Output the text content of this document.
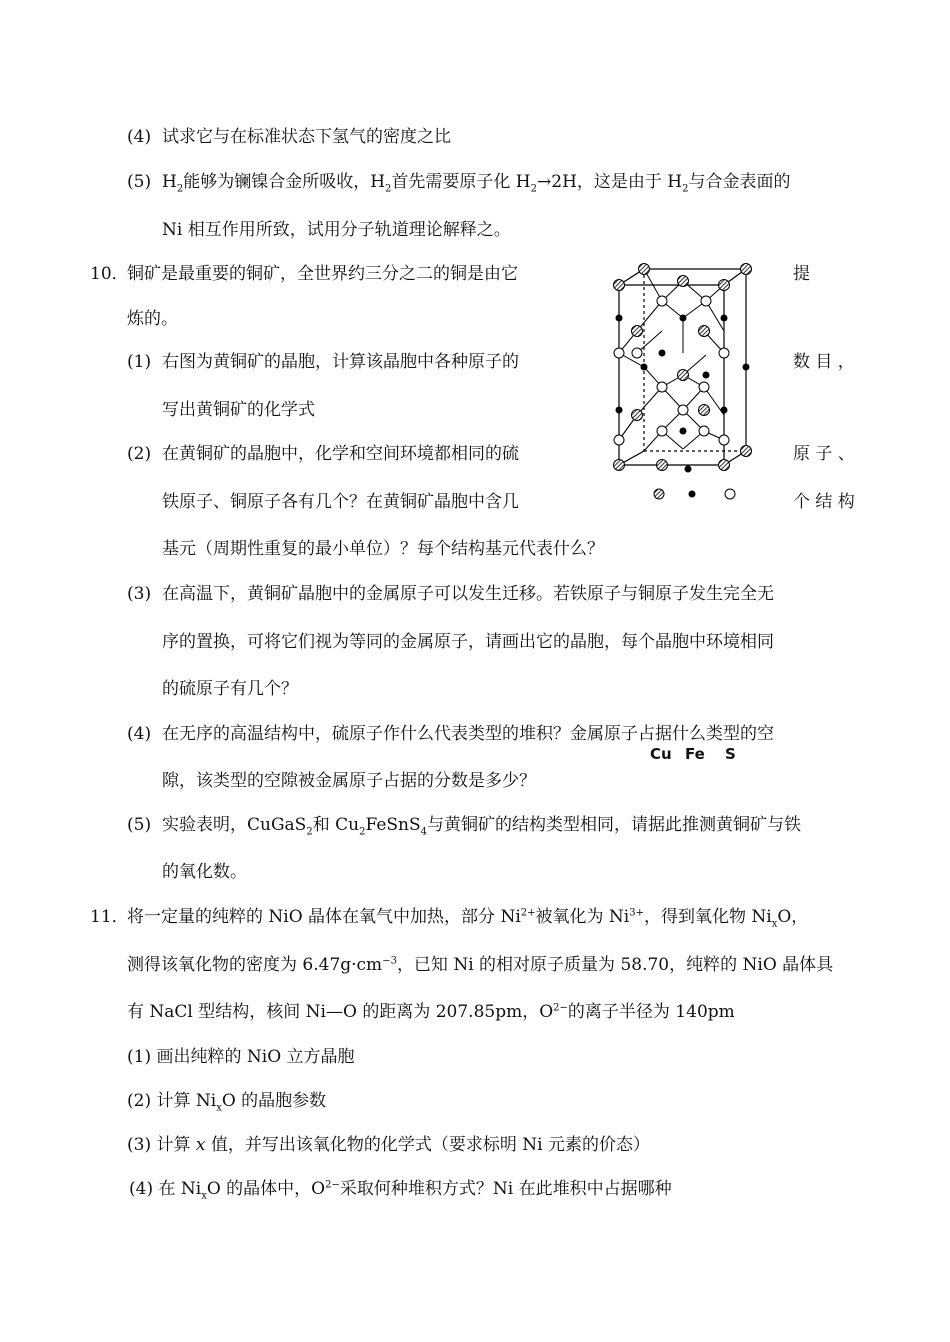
(4) 试求它与在标准状态下氢气的密度之比
(5) $H_2$能够为镧镍合金所吸收，$H_2$首先需要原子化 $H_2\to 2H$，这是由于 $H_2$与合金表面的
Ni 相互作用所致，试用分子轨道理论解释之。
10．
铜矿是最重要的铜矿，全世界约三分之二的铜是由它	提
炼的。
(1) 右图为黄铜矿的晶胞，计算该晶胞中各种原子的	数 目 ，
写出黄铜矿的化学式
(2) 在黄铜矿的晶胞中，化学和空间环境都相同的硫	原 子 、
铁原子、铜原子各有几个？在黄铜矿晶胞中含几	个 结 构
基元（周期性重复的最小单位）？每个结构基元代表什么？
(3) 在高温下，黄铜矿晶胞中的金属原子可以发生迁移。若铁原子与铜原子发生完全无
序的置换，可将它们视为等同的金属原子，请画出它的晶胞，每个晶胞中环境相同
的硫原子有几个？
(4) 在无序的高温结构中，硫原子作什么代表类型的堆积？金属原子占据什么类型的空
隙，该类型的空隙被金属原子占据的分数是多少？
(5) 实验表明，CuGaS$_2$和 $Cu_2FeSnS_4$与黄铜矿的结构类型相同，请据此推测黄铜矿与铁
的氧化数。
Cu Fe S
11．
将一定量的纯粹的 NiO 晶体在氧气中加热，部分 $Ni^{2+}$被氧化为 $Ni^{3+}$，得到氧化物 $Ni_xO$，
测得该氧化物的密度为 $6.47g\cdot cm^{-3}$，已知 Ni 的相对原子质量为 58.70，纯粹的 NiO 晶体具
有 NaCl 型结构，核间 Ni—O 的距离为 207.85pm，$O^{2-}$的离子半径为 140pm
(1) 画出纯粹的 NiO 立方晶胞
(2) 计算 $Ni_xO$ 的晶胞参数
(3) 计算 x 值，并写出该氧化物的化学式（要求标明 Ni 元素的价态）
(4) 在 $Ni_xO$ 的晶体中，$O^{2-}$采取何种堆积方式？Ni 在此堆积中占据哪种
